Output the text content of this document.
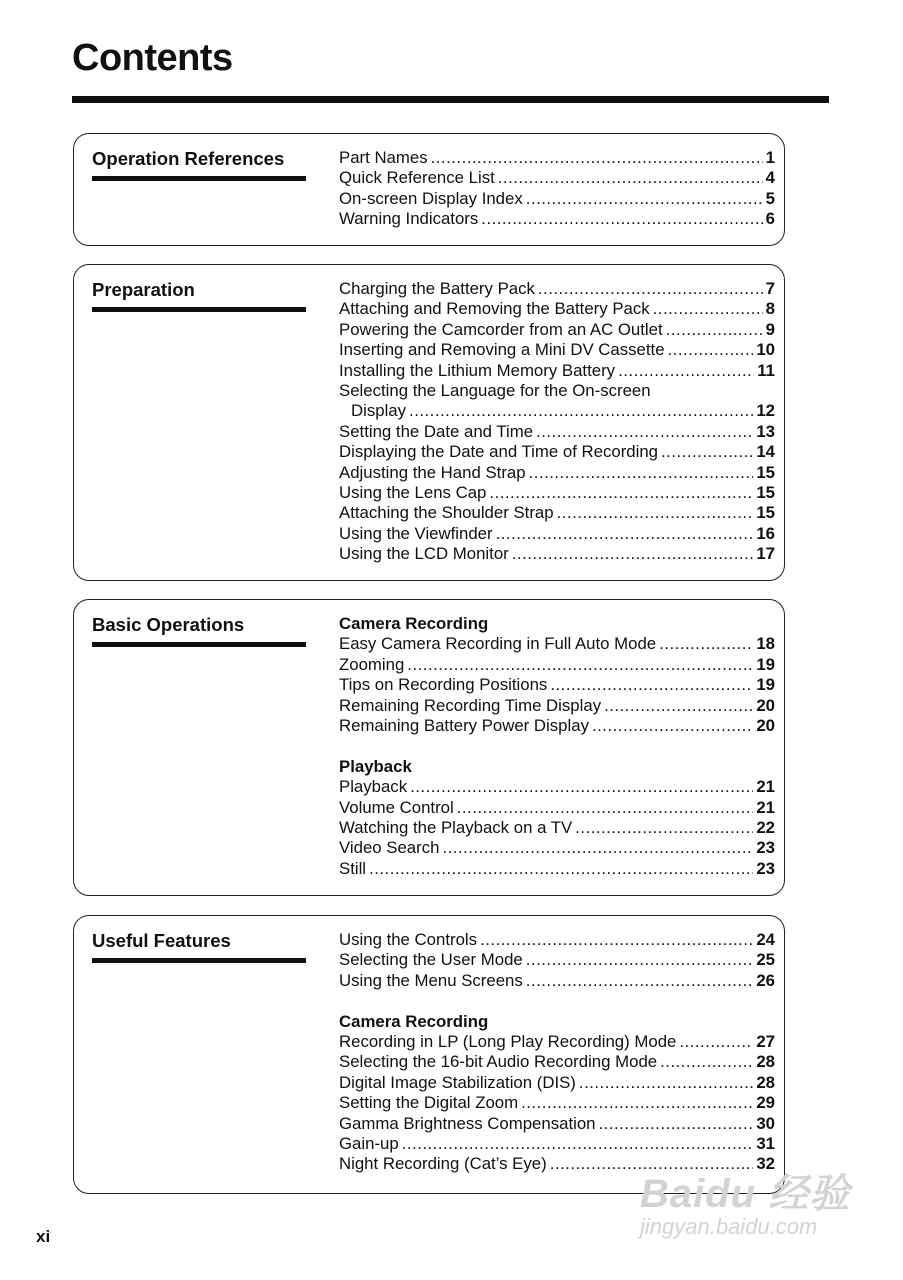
Contents
Operation References	Part Names .....	1
Quick Reference List .....	4
On-screen Display Index .....	5
Warning Indicators .....	6
Preparation	Charging the Battery Pack .....	7
Attaching and Removing the Battery Pack .....	8
Powering the Camcorder from an AC Outlet .....	9
Inserting and Removing a Mini DV Cassette .....	10
Installing the Lithium Memory Battery .....	11
Selecting the Language for the On-screen
Display .....	12
Setting the Date and Time .....	13
Displaying the Date and Time of Recording .....	14
Adjusting the Hand Strap .....	15
Using the Lens Cap .....	15
Attaching the Shoulder Strap .....	15
Using the Viewfinder .....	16
Using the LCD Monitor .....	17
Basic Operations	Camera Recording
Easy Camera Recording in Full Auto Mode .....	18
Zooming .....	19
Tips on Recording Positions .....	19
Remaining Recording Time Display .....	20
Remaining Battery Power Display .....	20
Playback
Playback .....	21
Volume Control .....	21
Watching the Playback on a TV .....	22
Video Search .....	23
Still .....	23
Useful Features	Using the Controls .....	24
Selecting the User Mode .....	25
Using the Menu Screens .....	26
Camera Recording
Recording in LP (Long Play Recording) Mode .....	27
Selecting the 16-bit Audio Recording Mode .....	28
Digital Image Stabilization (DIS) .....	28
Setting the Digital Zoom .....	29
Gamma Brightness Compensation .....	30
Gain-up .....	31
Night Recording (Cat’s Eye) .....	32
xi
Baidu 经验
jingyan.baidu.com
